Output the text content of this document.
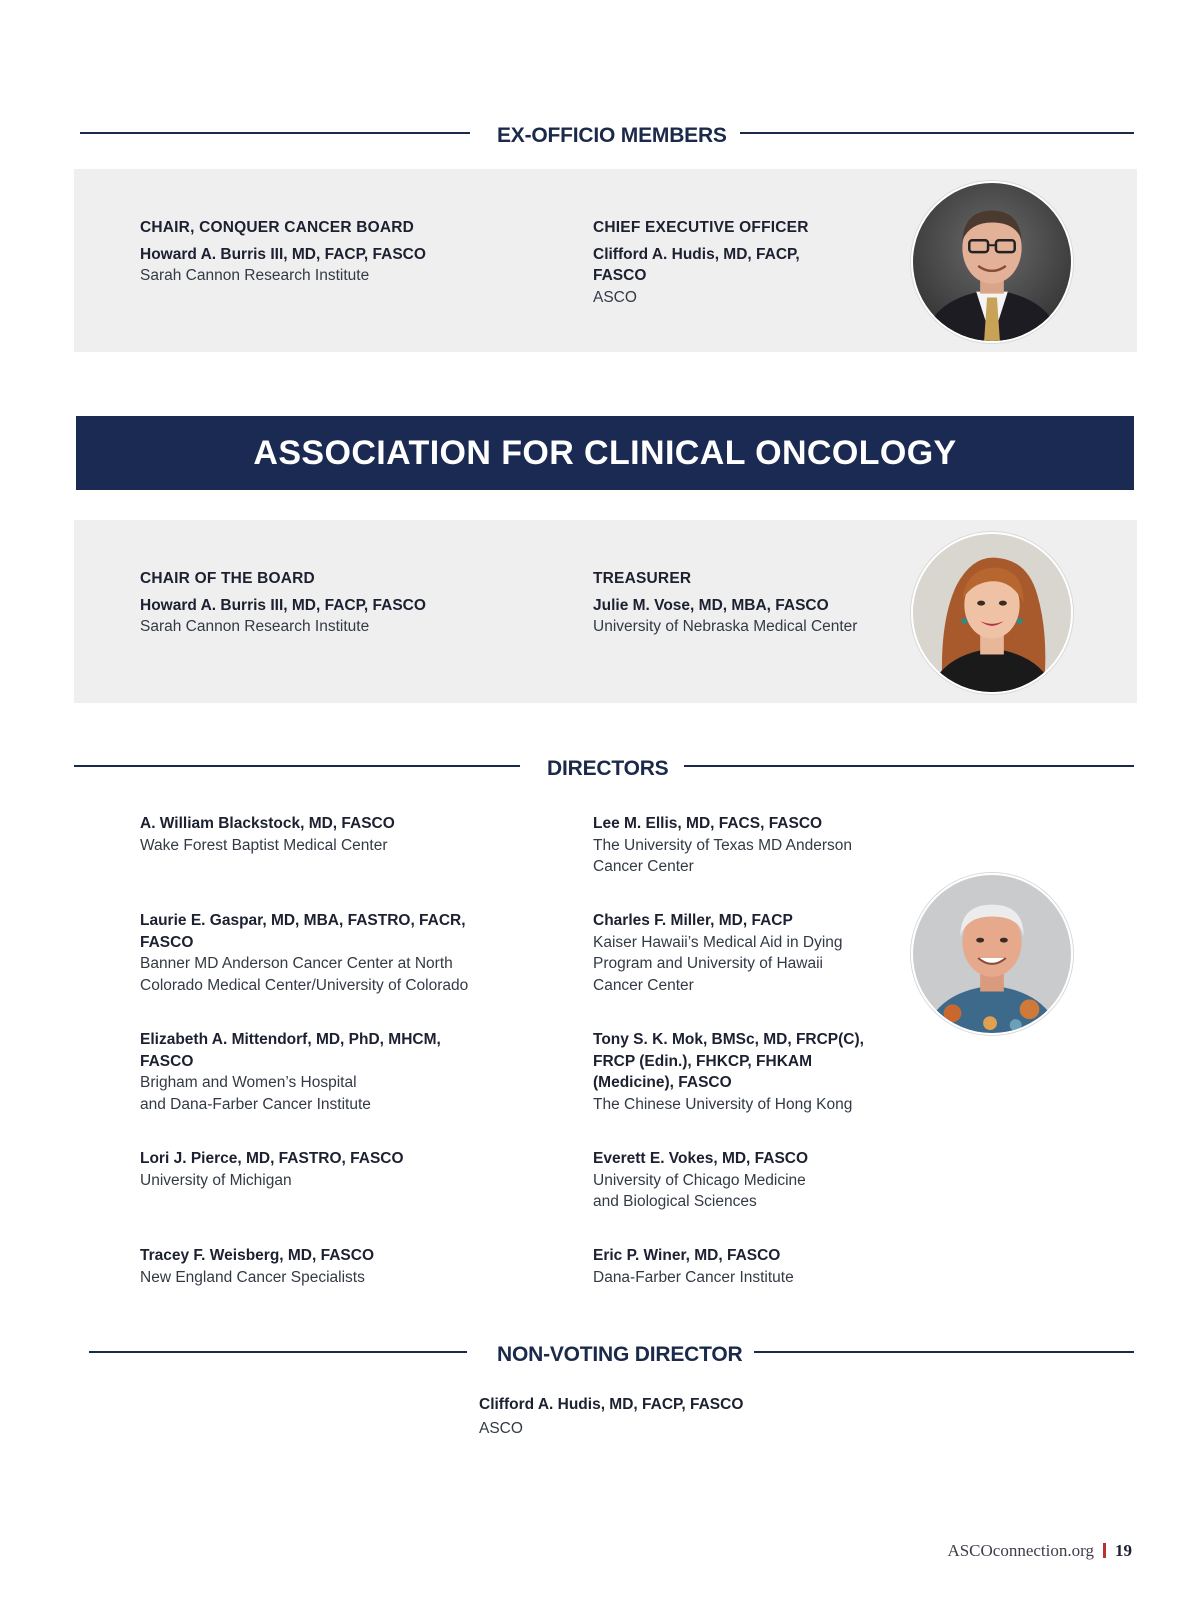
EX-OFFICIO MEMBERS
CHAIR, CONQUER CANCER BOARD
Howard A. Burris III, MD, FACP, FASCO
Sarah Cannon Research Institute
CHIEF EXECUTIVE OFFICER
Clifford A. Hudis, MD, FACP,
FASCO
ASCO
ASSOCIATION FOR CLINICAL ONCOLOGY
CHAIR OF THE BOARD
Howard A. Burris III, MD, FACP, FASCO
Sarah Cannon Research Institute
TREASURER
Julie M. Vose, MD, MBA, FASCO
University of Nebraska Medical Center
DIRECTORS
A. William Blackstock, MD, FASCO
Wake Forest Baptist Medical Center
Laurie E. Gaspar, MD, MBA, FASTRO, FACR,
FASCO
Banner MD Anderson Cancer Center at North
Colorado Medical Center/University of Colorado
Elizabeth A. Mittendorf, MD, PhD, MHCM,
FASCO
Brigham and Women’s Hospital
and Dana-Farber Cancer Institute
Lori J. Pierce, MD, FASTRO, FASCO
University of Michigan
Tracey F. Weisberg, MD, FASCO
New England Cancer Specialists
Lee M. Ellis, MD, FACS, FASCO
The University of Texas MD Anderson
Cancer Center
Charles F. Miller, MD, FACP
Kaiser Hawaii’s Medical Aid in Dying
Program and University of Hawaii
Cancer Center
Tony S. K. Mok, BMSc, MD, FRCP(C),
FRCP (Edin.), FHKCP, FHKAM
(Medicine), FASCO
The Chinese University of Hong Kong
Everett E. Vokes, MD, FASCO
University of Chicago Medicine
and Biological Sciences
Eric P. Winer, MD, FASCO
Dana-Farber Cancer Institute
NON-VOTING DIRECTOR
Clifford A. Hudis, MD, FACP, FASCO
ASCO
ASCOconnection.org 19
